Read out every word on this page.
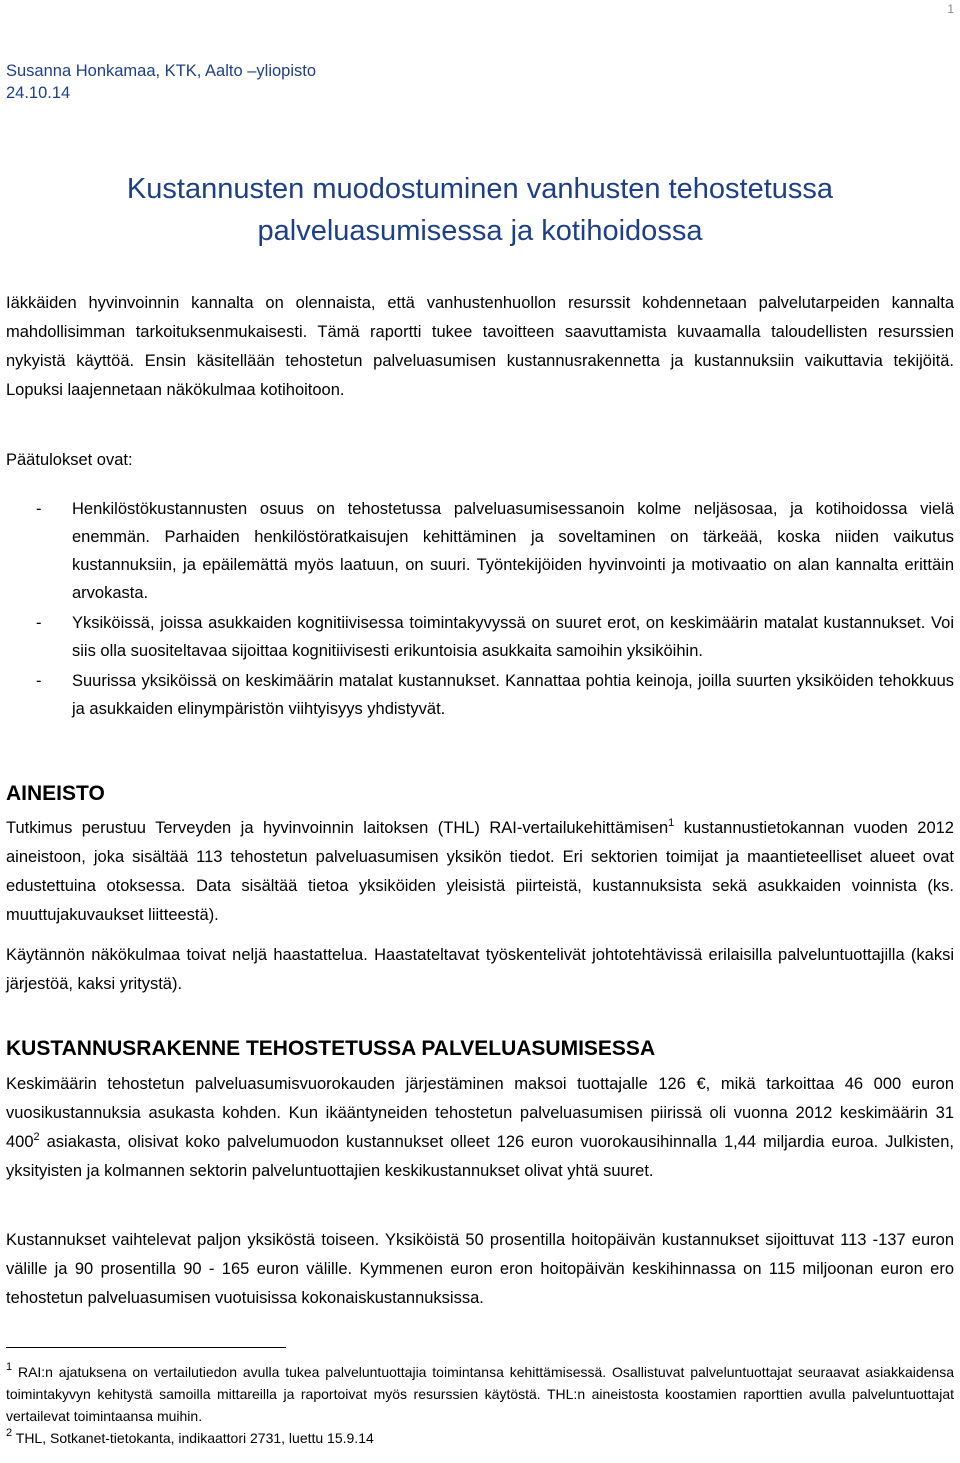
1
Susanna Honkamaa, KTK, Aalto –yliopisto
24.10.14
Kustannusten muodostuminen vanhusten tehostetussa
palveluasumisessa ja kotihoidossa

Iäkkäiden hyvinvoinnin kannalta on olennaista, että vanhustenhuollon resurssit kohdennetaan palvelutarpeiden kannalta mahdollisimman tarkoituksenmukaisesti. Tämä raportti tukee tavoitteen saavuttamista kuvaamalla taloudellisten resurssien nykyistä käyttöä. Ensin käsitellään tehostetun palveluasumisen kustannusrakennetta ja kustannuksiin vaikuttavia tekijöitä. Lopuksi laajennetaan näkökulmaa kotihoitoon.

Päätulokset ovat:
- Henkilöstökustannusten osuus on tehostetussa palveluasumisessanoin kolme neljäsosaa, ja kotihoidossa vielä enemmän. Parhaiden henkilöstöratkaisujen kehittäminen ja soveltaminen on tärkeää, koska niiden vaikutus kustannuksiin, ja epäilemättä myös laatuun, on suuri. Työntekijöiden hyvinvointi ja motivaatio on alan kannalta erittäin arvokasta.
- Yksiköissä, joissa asukkaiden kognitiivisessa toimintakyvyssä on suuret erot, on keskimäärin matalat kustannukset. Voi siis olla suositeltavaa sijoittaa kognitiivisesti erikuntoisia asukkaita samoihin yksiköihin.
- Suurissa yksiköissä on keskimäärin matalat kustannukset. Kannattaa pohtia keinoja, joilla suurten yksiköiden tehokkuus ja asukkaiden elinympäristön viihtyisyys yhdistyvät.
AINEISTO

Tutkimus perustuu Terveyden ja hyvinvoinnin laitoksen (THL) RAI-vertailukehittämisen$^1$ kustannustietokannan vuoden 2012 aineistoon, joka sisältää 113 tehostetun palveluasumisen yksikön tiedot. Eri sektorien toimijat ja maantieteelliset alueet ovat edustettuina otoksessa. Data sisältää tietoa yksiköiden yleisistä piirteistä, kustannuksista sekä asukkaiden voinnista (ks. muuttujakuvaukset liitteestä).

Käytännön näkökulmaa toivat neljä haastattelua. Haastateltavat työskentelivät johtotehtävissä erilaisilla palveluntuottajilla (kaksi järjestöä, kaksi yritystä).

KUSTANNUSRAKENNE TEHOSTETUSSA PALVELUASUMISESSA

Keskimäärin tehostetun palveluasumisvuorokauden järjestäminen maksoi tuottajalle 126 €, mikä tarkoittaa 46 000 euron vuosikustannuksia asukasta kohden. Kun ikääntyneiden tehostetun palveluasumisen piirissä oli vuonna 2012 keskimäärin 31 $400^2$ asiakasta, olisivat koko palvelumuodon kustannukset olleet 126 euron vuorokausihinnalla 1,44 miljardia euroa. Julkisten, yksityisten ja kolmannen sektorin palveluntuottajien keskikustannukset olivat yhtä suuret.

Kustannukset vaihtelevat paljon yksiköstä toiseen. Yksiköistä 50 prosentilla hoitopäivän kustannukset sijoittuvat 113 -137 euron välille ja 90 prosentilla 90 - 165 euron välille. Kymmenen euron eron hoitopäivän keskihinnassa on 115 miljoonan euron ero tehostetun palveluasumisen vuotuisissa kokonaiskustannuksissa.

$^1$ RAI:n ajatuksena on vertailutiedon avulla tukea palveluntuottajia toimintansa kehittämisessä. Osallistuvat palveluntuottajat seuraavat asiakkaidensa toimintakyvyn kehitystä samoilla mittareilla ja raportoivat myös resurssien käytöstä. THL:n aineistosta koostamien raporttien avulla palveluntuottajat vertailevat toimintaansa muihin.
$^2$ THL, Sotkanet-tietokanta, indikaattori 2731, luettu 15.9.14
